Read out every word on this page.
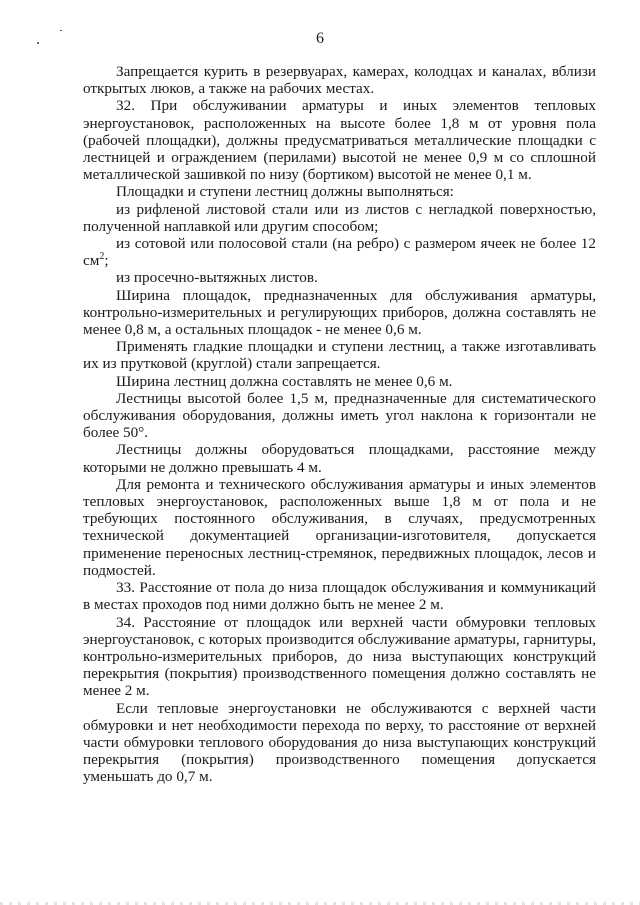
6

Запрещается курить в резервуарах, камерах, колодцах и каналах, вблизи открытых люков, а также на рабочих местах.

32. При обслуживании арматуры и иных элементов тепловых энергоустановок, расположенных на высоте более 1,8 м от уровня пола (рабочей площадки), должны предусматриваться металлические площадки с лестницей и ограждением (перилами) высотой не менее 0,9 м со сплошной металлической зашивкой по низу (бортиком) высотой не менее 0,1 м.

Площадки и ступени лестниц должны выполняться:

из рифленой листовой стали или из листов с негладкой поверхностью, полученной наплавкой или другим способом;

из сотовой или полосовой стали (на ребро) с размером ячеек не более 12 $см^2$;

из просечно-вытяжных листов.

Ширина площадок, предназначенных для обслуживания арматуры, контрольно-измерительных и регулирующих приборов, должна составлять не менее 0,8 м, а остальных площадок - не менее 0,6 м.

Применять гладкие площадки и ступени лестниц, а также изготавливать их из прутковой (круглой) стали запрещается.

Ширина лестниц должна составлять не менее 0,6 м.

Лестницы высотой более 1,5 м, предназначенные для систематического обслуживания оборудования, должны иметь угол наклона к горизонтали не более 50°.

Лестницы должны оборудоваться площадками, расстояние между которыми не должно превышать 4 м.

Для ремонта и технического обслуживания арматуры и иных элементов тепловых энергоустановок, расположенных выше 1,8 м от пола и не требующих постоянного обслуживания, в случаях, предусмотренных технической документацией организации-изготовителя, допускается применение переносных лестниц-стремянок, передвижных площадок, лесов и подмостей.

33. Расстояние от пола до низа площадок обслуживания и коммуникаций в местах проходов под ними должно быть не менее 2 м.

34. Расстояние от площадок или верхней части обмуровки тепловых энергоустановок, с которых производится обслуживание арматуры, гарнитуры, контрольно-измерительных приборов, до низа выступающих конструкций перекрытия (покрытия) производственного помещения должно составлять не менее 2 м.

Если тепловые энергоустановки не обслуживаются с верхней части обмуровки и нет необходимости перехода по верху, то расстояние от верхней части обмуровки теплового оборудования до низа выступающих конструкций перекрытия (покрытия) производственного помещения допускается уменьшать до 0,7 м.
